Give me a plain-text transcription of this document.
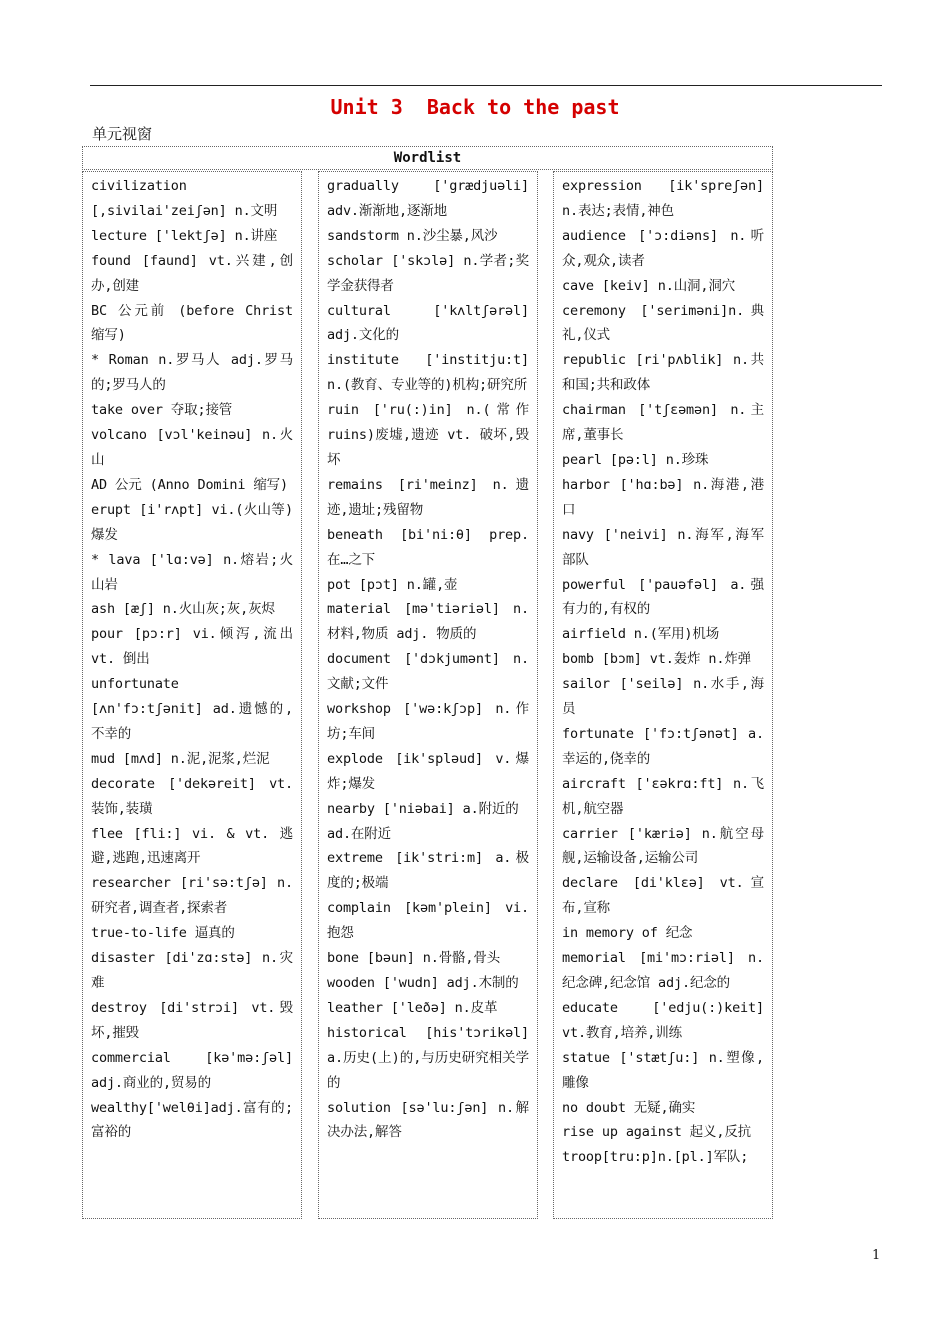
Unit 3  Back to the past
单元视窗
Wordlist
civilization [,sivilai'zeiʃən] n.文明
lecture ['lektʃə] n.讲座
found [faund] vt.兴建,创办,创建
BC 公元前 (before Christ 缩写)
* Roman n.罗马人 adj.罗马的;罗马人的
take over 夺取;接管
volcano [vɔl'keinəu] n.火山
AD 公元 (Anno Domini 缩写)
erupt [i'rʌpt] vi.(火山等)爆发
* lava ['lɑ:və] n.熔岩;火山岩
ash [æʃ] n.火山灰;灰,灰烬
pour [pɔ:r] vi.倾泻,流出 vt. 倒出
unfortunate [ʌn'fɔ:tʃənit] ad.遗憾的,不幸的
mud [mʌd] n.泥,泥浆,烂泥
decorate ['dekəreit] vt.装饰,装璜
flee [fli:] vi. & vt. 逃避,逃跑,迅速离开
researcher [ri'sə:tʃə] n.研究者,调查者,探索者
true-to-life 逼真的
disaster [di'zɑ:stə] n.灾难
destroy [di'strɔi] vt.毁坏,摧毁
commercial [kə'mə:ʃəl] adj.商业的,贸易的
wealthy['welθi]adj.富有的;富裕的
gradually ['grædjuəli] adv.渐渐地,逐渐地
sandstorm n.沙尘暴,风沙
scholar ['skɔlə] n.学者;奖学金获得者
cultural ['kʌltʃərəl] adj.文化的
institute ['institju:t] n.(教育、专业等的)机构;研究所
ruin ['ru(:)in] n.(常作ruins)废墟,遗迹 vt. 破坏,毁坏
remains [ri'meinz] n.遗迹,遗址;残留物
beneath [bi'ni:θ] prep.在…之下
pot [pɔt] n.罐,壶
material [mə'tiəriəl] n. 材料,物质 adj. 物质的
document ['dɔkjumənt] n.文献;文件
workshop ['wə:kʃɔp] n.作坊;车间
explode [ik'spləud] v.爆炸;爆发
nearby ['niəbai] a.附近的
ad.在附近
extreme [ik'stri:m] a.极度的;极端
complain [kəm'plein] vi.抱怨
bone [bəun] n.骨骼,骨头
wooden ['wudn] adj.木制的
leather ['leðə] n.皮革
historical [his'tɔrikəl] a.历史(上)的,与历史研究相关学的
solution [sə'lu:ʃən] n.解决办法,解答
expression [ik'spreʃən] n.表达;表情,神色
audience ['ɔ:diəns] n.听众,观众,读者
cave [keiv] n.山洞,洞穴
ceremony ['seriməni]n.典礼,仪式
republic [ri'pʌblik] n.共和国;共和政体
chairman ['tʃɛəmən] n.主席,董事长
pearl [pə:l] n.珍珠
harbor ['hɑ:bə] n.海港,港口
navy ['neivi] n.海军,海军部队
powerful ['pauəfəl] a.强有力的,有权的
airfield n.(军用)机场
bomb [bɔm] vt.轰炸 n.炸弹
sailor ['seilə] n.水手,海员
fortunate ['fɔ:tʃənət] a.幸运的,侥幸的
aircraft ['ɛəkrɑ:ft] n.飞机,航空器
carrier ['kæriə] n.航空母舰,运输设备,运输公司
declare [di'klɛə] vt.宣布,宣称
in memory of 纪念
memorial [mi'mɔ:riəl] n.纪念碑,纪念馆 adj.纪念的
educate ['edju(:)keit] vt.教育,培养,训练
statue ['stætʃu:] n.塑像,雕像
no doubt 无疑,确实
rise up against 起义,反抗
troop[tru:p]n.[pl.]军队;
1
